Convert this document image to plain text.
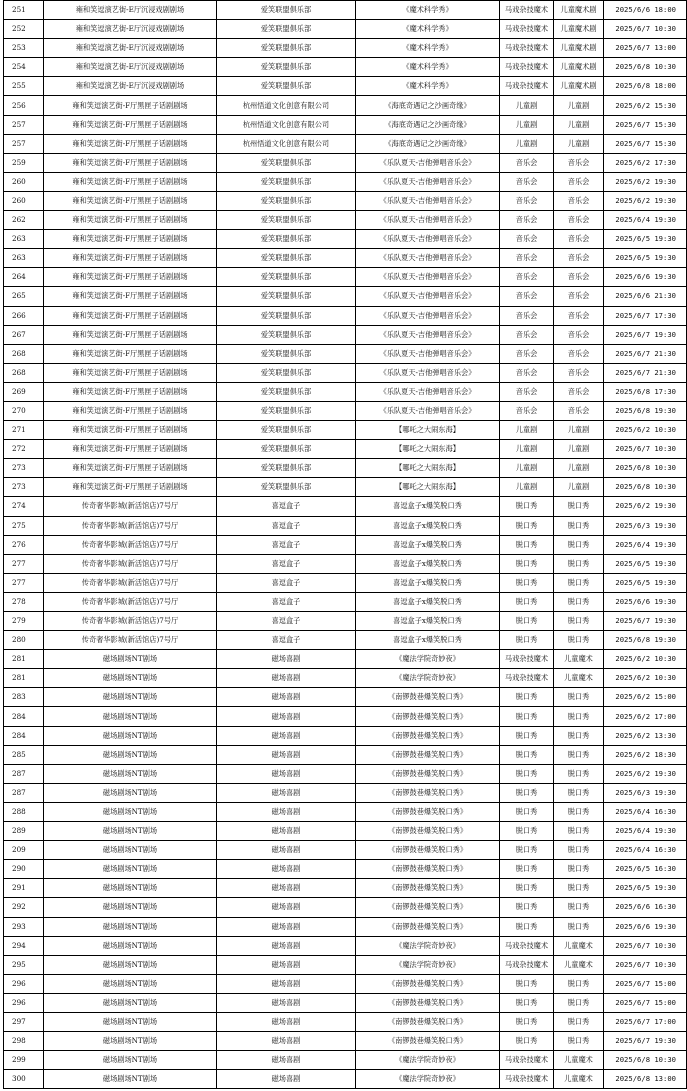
251	雍和笑逗演艺街-E厅沉浸戏剧剧场	爱笑联盟俱乐部	《魔术科学秀》	马戏杂技魔术	儿童魔术剧	2025/6/6 18:00
252	雍和笑逗演艺街-E厅沉浸戏剧剧场	爱笑联盟俱乐部	《魔术科学秀》	马戏杂技魔术	儿童魔术剧	2025/6/7 10:30
253	雍和笑逗演艺街-E厅沉浸戏剧剧场	爱笑联盟俱乐部	《魔术科学秀》	马戏杂技魔术	儿童魔术剧	2025/6/7 13:00
254	雍和笑逗演艺街-E厅沉浸戏剧剧场	爱笑联盟俱乐部	《魔术科学秀》	马戏杂技魔术	儿童魔术剧	2025/6/8 10:30
255	雍和笑逗演艺街-E厅沉浸戏剧剧场	爱笑联盟俱乐部	《魔术科学秀》	马戏杂技魔术	儿童魔术剧	2025/6/8 18:00
256	雍和笑逗演艺街-F厅黑匣子话剧剧场	杭州悟道文化创意有限公司	《海底奇遇记之沙画奇缘》	儿童剧	儿童剧	2025/6/2 15:30
257	雍和笑逗演艺街-F厅黑匣子话剧剧场	杭州悟道文化创意有限公司	《海底奇遇记之沙画奇缘》	儿童剧	儿童剧	2025/6/7 15:30
257	雍和笑逗演艺街-F厅黑匣子话剧剧场	杭州悟道文化创意有限公司	《海底奇遇记之沙画奇缘》	儿童剧	儿童剧	2025/6/7 15:30
259	雍和笑逗演艺街-F厅黑匣子话剧剧场	爱笑联盟俱乐部	《乐队夏天-吉他弹唱音乐会》	音乐会	音乐会	2025/6/2 17:30
260	雍和笑逗演艺街-F厅黑匣子话剧剧场	爱笑联盟俱乐部	《乐队夏天-吉他弹唱音乐会》	音乐会	音乐会	2025/6/2 19:30
260	雍和笑逗演艺街-F厅黑匣子话剧剧场	爱笑联盟俱乐部	《乐队夏天-吉他弹唱音乐会》	音乐会	音乐会	2025/6/2 19:30
262	雍和笑逗演艺街-F厅黑匣子话剧剧场	爱笑联盟俱乐部	《乐队夏天-吉他弹唱音乐会》	音乐会	音乐会	2025/6/4 19:30
263	雍和笑逗演艺街-F厅黑匣子话剧剧场	爱笑联盟俱乐部	《乐队夏天-吉他弹唱音乐会》	音乐会	音乐会	2025/6/5 19:30
263	雍和笑逗演艺街-F厅黑匣子话剧剧场	爱笑联盟俱乐部	《乐队夏天-吉他弹唱音乐会》	音乐会	音乐会	2025/6/5 19:30
264	雍和笑逗演艺街-F厅黑匣子话剧剧场	爱笑联盟俱乐部	《乐队夏天-吉他弹唱音乐会》	音乐会	音乐会	2025/6/6 19:30
265	雍和笑逗演艺街-F厅黑匣子话剧剧场	爱笑联盟俱乐部	《乐队夏天-吉他弹唱音乐会》	音乐会	音乐会	2025/6/6 21:30
266	雍和笑逗演艺街-F厅黑匣子话剧剧场	爱笑联盟俱乐部	《乐队夏天-吉他弹唱音乐会》	音乐会	音乐会	2025/6/7 17:30
267	雍和笑逗演艺街-F厅黑匣子话剧剧场	爱笑联盟俱乐部	《乐队夏天-吉他弹唱音乐会》	音乐会	音乐会	2025/6/7 19:30
268	雍和笑逗演艺街-F厅黑匣子话剧剧场	爱笑联盟俱乐部	《乐队夏天-吉他弹唱音乐会》	音乐会	音乐会	2025/6/7 21:30
268	雍和笑逗演艺街-F厅黑匣子话剧剧场	爱笑联盟俱乐部	《乐队夏天-吉他弹唱音乐会》	音乐会	音乐会	2025/6/7 21:30
269	雍和笑逗演艺街-F厅黑匣子话剧剧场	爱笑联盟俱乐部	《乐队夏天-吉他弹唱音乐会》	音乐会	音乐会	2025/6/8 17:30
270	雍和笑逗演艺街-F厅黑匣子话剧剧场	爱笑联盟俱乐部	《乐队夏天-吉他弹唱音乐会》	音乐会	音乐会	2025/6/8 19:30
271	雍和笑逗演艺街-F厅黑匣子话剧剧场	爱笑联盟俱乐部	【哪吒之大闹东海】	儿童剧	儿童剧	2025/6/2 10:30
272	雍和笑逗演艺街-F厅黑匣子话剧剧场	爱笑联盟俱乐部	【哪吒之大闹东海】	儿童剧	儿童剧	2025/6/7 10:30
273	雍和笑逗演艺街-F厅黑匣子话剧剧场	爱笑联盟俱乐部	【哪吒之大闹东海】	儿童剧	儿童剧	2025/6/8 10:30
273	雍和笑逗演艺街-F厅黑匣子话剧剧场	爱笑联盟俱乐部	【哪吒之大闹东海】	儿童剧	儿童剧	2025/6/8 10:30
274	传奇奢华影城(新活馆店)7号厅	喜逗盒子	喜逗盒子x爆笑脱口秀	脱口秀	脱口秀	2025/6/2 19:30
275	传奇奢华影城(新活馆店)7号厅	喜逗盒子	喜逗盒子x爆笑脱口秀	脱口秀	脱口秀	2025/6/3 19:30
276	传奇奢华影城(新活馆店)7号厅	喜逗盒子	喜逗盒子x爆笑脱口秀	脱口秀	脱口秀	2025/6/4 19:30
277	传奇奢华影城(新活馆店)7号厅	喜逗盒子	喜逗盒子x爆笑脱口秀	脱口秀	脱口秀	2025/6/5 19:30
277	传奇奢华影城(新活馆店)7号厅	喜逗盒子	喜逗盒子x爆笑脱口秀	脱口秀	脱口秀	2025/6/5 19:30
278	传奇奢华影城(新活馆店)7号厅	喜逗盒子	喜逗盒子x爆笑脱口秀	脱口秀	脱口秀	2025/6/6 19:30
279	传奇奢华影城(新活馆店)7号厅	喜逗盒子	喜逗盒子x爆笑脱口秀	脱口秀	脱口秀	2025/6/7 19:30
280	传奇奢华影城(新活馆店)7号厅	喜逗盒子	喜逗盒子x爆笑脱口秀	脱口秀	脱口秀	2025/6/8 19:30
281	磁场剧场NT剧场	磁场喜剧	《魔法学院奇妙夜》	马戏杂技魔术	儿童魔术	2025/6/2 10:30
281	磁场剧场NT剧场	磁场喜剧	《魔法学院奇妙夜》	马戏杂技魔术	儿童魔术	2025/6/2 10:30
283	磁场剧场NT剧场	磁场喜剧	《南锣鼓巷爆笑脱口秀》	脱口秀	脱口秀	2025/6/2 15:00
284	磁场剧场NT剧场	磁场喜剧	《南锣鼓巷爆笑脱口秀》	脱口秀	脱口秀	2025/6/2 17:00
284	磁场剧场NT剧场	磁场喜剧	《南锣鼓巷爆笑脱口秀》	脱口秀	脱口秀	2025/6/2 13:30
285	磁场剧场NT剧场	磁场喜剧	《南锣鼓巷爆笑脱口秀》	脱口秀	脱口秀	2025/6/2 18:30
287	磁场剧场NT剧场	磁场喜剧	《南锣鼓巷爆笑脱口秀》	脱口秀	脱口秀	2025/6/2 19:30
287	磁场剧场NT剧场	磁场喜剧	《南锣鼓巷爆笑脱口秀》	脱口秀	脱口秀	2025/6/3 19:30
288	磁场剧场NT剧场	磁场喜剧	《南锣鼓巷爆笑脱口秀》	脱口秀	脱口秀	2025/6/4 16:30
289	磁场剧场NT剧场	磁场喜剧	《南锣鼓巷爆笑脱口秀》	脱口秀	脱口秀	2025/6/4 19:30
209	磁场剧场NT剧场	磁场喜剧	《南锣鼓巷爆笑脱口秀》	脱口秀	脱口秀	2025/6/4 16:30
290	磁场剧场NT剧场	磁场喜剧	《南锣鼓巷爆笑脱口秀》	脱口秀	脱口秀	2025/6/5 16:30
291	磁场剧场NT剧场	磁场喜剧	《南锣鼓巷爆笑脱口秀》	脱口秀	脱口秀	2025/6/5 19:30
292	磁场剧场NT剧场	磁场喜剧	《南锣鼓巷爆笑脱口秀》	脱口秀	脱口秀	2025/6/6 16:30
293	磁场剧场NT剧场	磁场喜剧	《南锣鼓巷爆笑脱口秀》	脱口秀	脱口秀	2025/6/6 19:30
294	磁场剧场NT剧场	磁场喜剧	《魔法学院奇妙夜》	马戏杂技魔术	儿童魔术	2025/6/7 10:30
295	磁场剧场NT剧场	磁场喜剧	《魔法学院奇妙夜》	马戏杂技魔术	儿童魔术	2025/6/7 10:30
296	磁场剧场NT剧场	磁场喜剧	《南锣鼓巷爆笑脱口秀》	脱口秀	脱口秀	2025/6/7 15:00
296	磁场剧场NT剧场	磁场喜剧	《南锣鼓巷爆笑脱口秀》	脱口秀	脱口秀	2025/6/7 15:00
297	磁场剧场NT剧场	磁场喜剧	《南锣鼓巷爆笑脱口秀》	脱口秀	脱口秀	2025/6/7 17:00
298	磁场剧场NT剧场	磁场喜剧	《南锣鼓巷爆笑脱口秀》	脱口秀	脱口秀	2025/6/7 19:30
299	磁场剧场NT剧场	磁场喜剧	《魔法学院奇妙夜》	马戏杂技魔术	儿童魔术	2025/6/8 10:30
300	磁场剧场NT剧场	磁场喜剧	《魔法学院奇妙夜》	马戏杂技魔术	儿童魔术	2025/6/8 13:00
